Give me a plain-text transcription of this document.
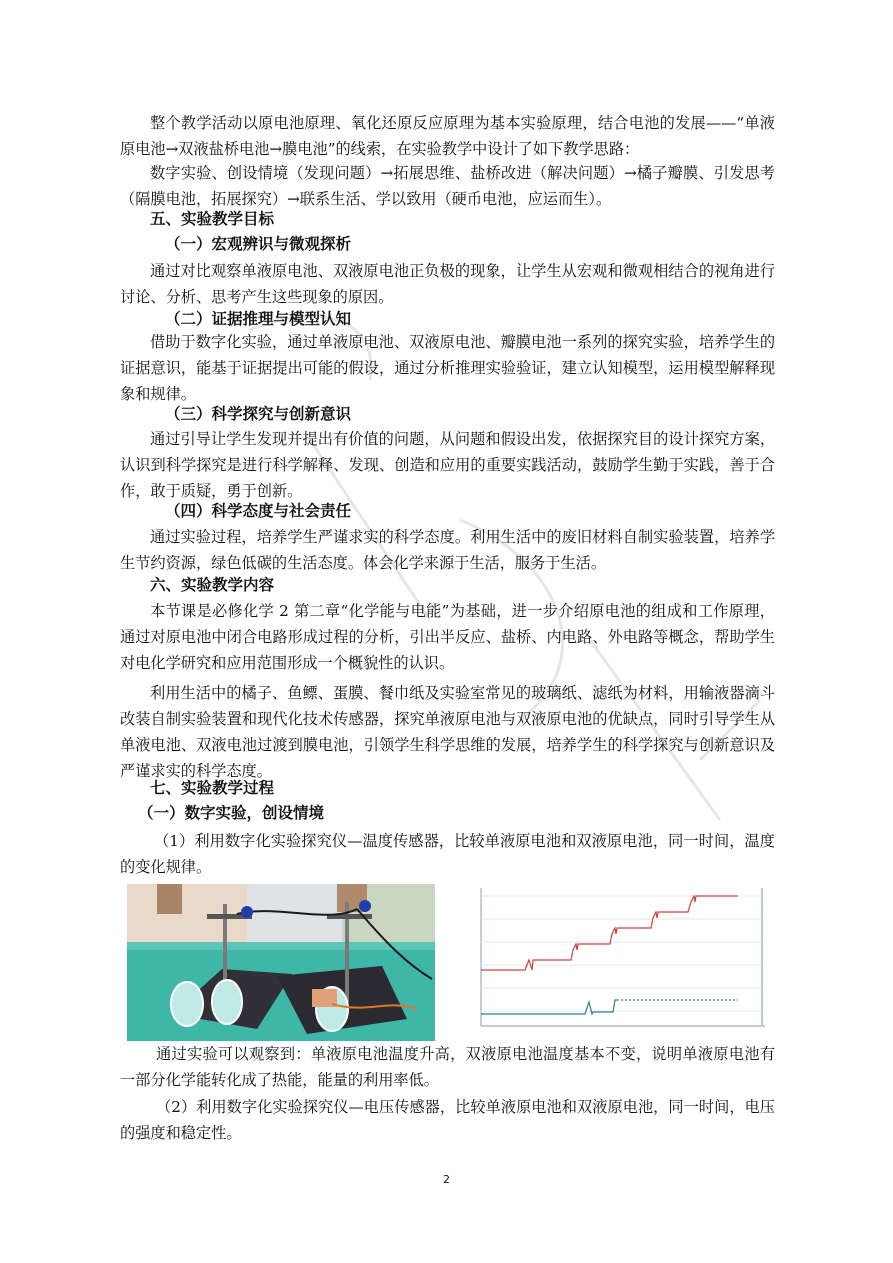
整个教学活动以原电池原理、氧化还原反应原理为基本实验原理，结合电池的发展——“单液原电池→双液盐桥电池→膜电池”的线索，在实验教学中设计了如下教学思路：

数字实验、创设情境（发现问题）→拓展思维、盐桥改进（解决问题）→橘子瓣膜、引发思考（隔膜电池，拓展探究）→联系生活、学以致用（硬币电池，应运而生）。

五、实验教学目标
（一）宏观辨识与微观探析

通过对比观察单液原电池、双液原电池正负极的现象，让学生从宏观和微观相结合的视角进行讨论、分析、思考产生这些现象的原因。

（二）证据推理与模型认知

借助于数字化实验，通过单液原电池、双液原电池、瓣膜电池一系列的探究实验，培养学生的证据意识，能基于证据提出可能的假设，通过分析推理实验验证，建立认知模型，运用模型解释现象和规律。

（三）科学探究与创新意识

通过引导让学生发现并提出有价值的问题，从问题和假设出发，依据探究目的设计探究方案，认识到科学探究是进行科学解释、发现、创造和应用的重要实践活动，鼓励学生勤于实践，善于合作，敢于质疑，勇于创新。

（四）科学态度与社会责任

通过实验过程，培养学生严谨求实的科学态度。利用生活中的废旧材料自制实验装置，培养学生节约资源，绿色低碳的生活态度。体会化学来源于生活，服务于生活。

六、实验教学内容

本节课是必修化学 2 第二章“化学能与电能”为基础，进一步介绍原电池的组成和工作原理，通过对原电池中闭合电路形成过程的分析，引出半反应、盐桥、内电路、外电路等概念，帮助学生对电化学研究和应用范围形成一个概貌性的认识。

利用生活中的橘子、鱼鳔、蛋膜、餐巾纸及实验室常见的玻璃纸、滤纸为材料，用输液器滴斗改装自制实验装置和现代化技术传感器，探究单液原电池与双液原电池的优缺点，同时引导学生从单液电池、双液电池过渡到膜电池，引领学生科学思维的发展，培养学生的科学探究与创新意识及严谨求实的科学态度。

七、实验教学过程
（一）数字实验，创设情境

（1）利用数字化实验探究仪—温度传感器，比较单液原电池和双液原电池，同一时间，温度的变化规律。

通过实验可以观察到：单液原电池温度升高，双液原电池温度基本不变，说明单液原电池有一部分化学能转化成了热能，能量的利用率低。

（2）利用数字化实验探究仪—电压传感器，比较单液原电池和双液原电池，同一时间，电压的强度和稳定性。

2
